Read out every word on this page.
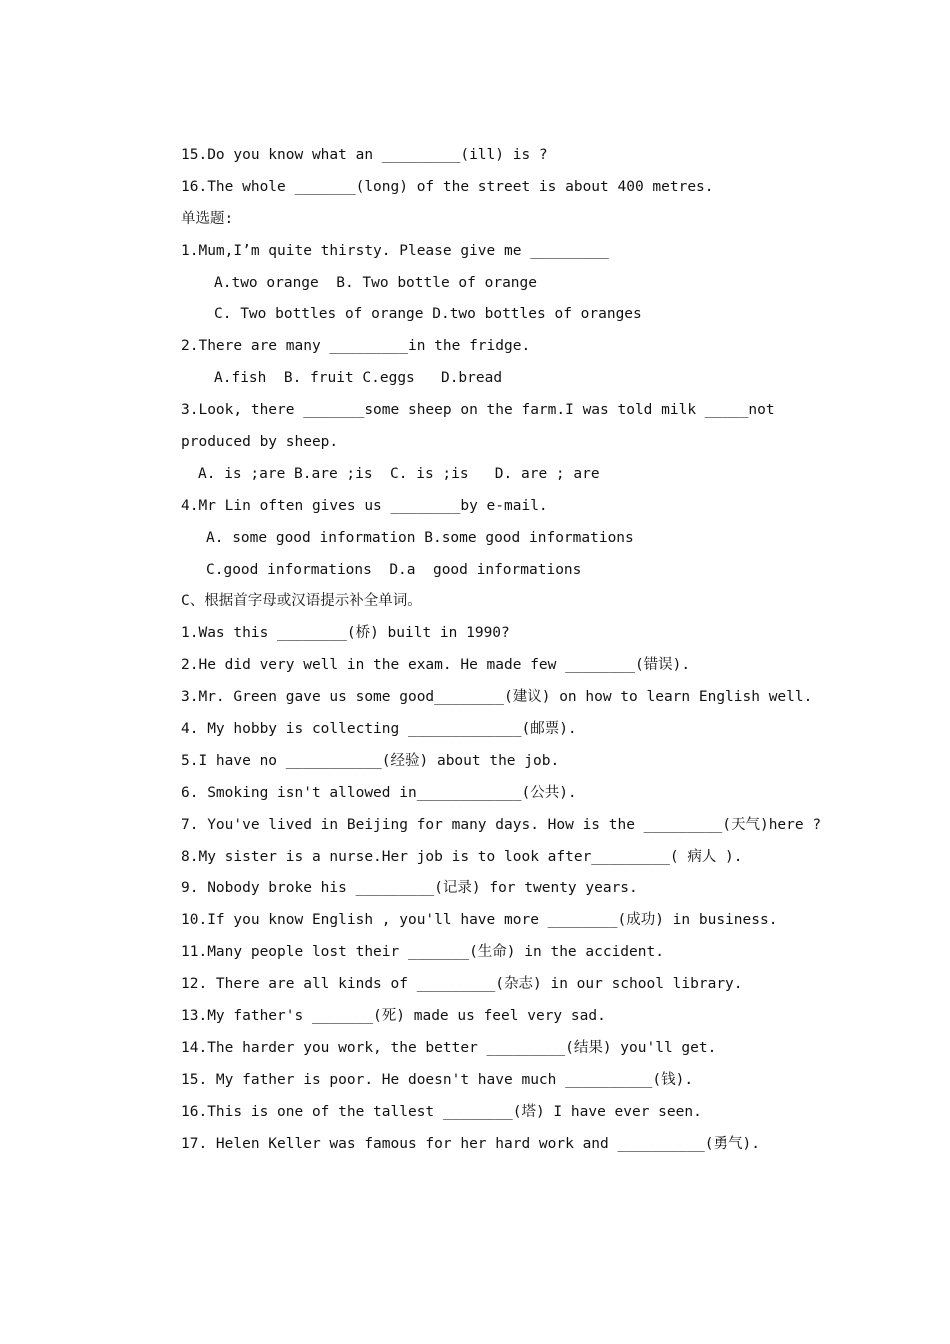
15.Do you know what an _________(ill) is ?
16.The whole _______(long) of the street is about 400 metres.
单选题:
1.Mum,I’m quite thirsty. Please give me _________
A.two orange  B. Two bottle of orange
C. Two bottles of orange D.two bottles of oranges
2.There are many _________in the fridge.
A.fish  B. fruit C.eggs   D.bread
3.Look, there _______some sheep on the farm.I was told milk _____not
produced by sheep.
A. is ;are B.are ;is  C. is ;is   D. are ; are
4.Mr Lin often gives us ________by e-mail.
A. some good information B.some good informations
C.good informations  D.a  good informations
C、根据首字母或汉语提示补全单词。
1.Was this ________(桥) built in 1990?
2.He did very well in the exam. He made few ________(错误).
3.Mr. Green gave us some good________(建议) on how to learn English well.
4. My hobby is collecting _____________(邮票).
5.I have no ___________(经验) about the job.
6. Smoking isn't allowed in____________(公共).
7. You've lived in Beijing for many days. How is the _________(天气)here ?
8.My sister is a nurse.Her job is to look after_________( 病人 ).
9. Nobody broke his _________(记录) for twenty years.
10.If you know English , you'll have more ________(成功) in business.
11.Many people lost their _______(生命) in the accident.
12. There are all kinds of _________(杂志) in our school library.
13.My father's _______(死) made us feel very sad.
14.The harder you work, the better _________(结果) you'll get.
15. My father is poor. He doesn't have much __________(钱).
16.This is one of the tallest ________(塔) I have ever seen.
17. Helen Keller was famous for her hard work and __________(勇气).
